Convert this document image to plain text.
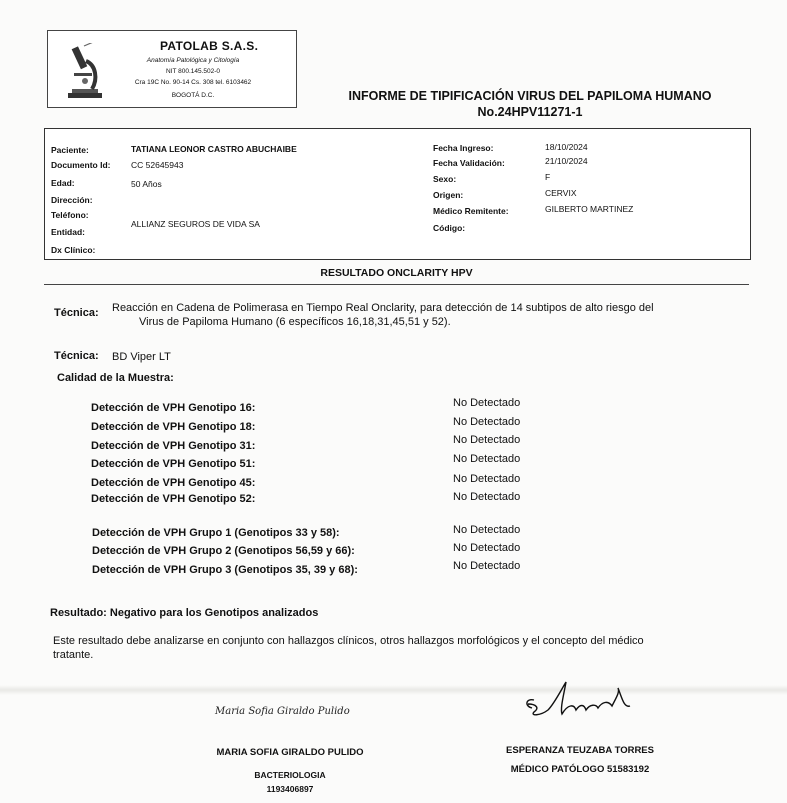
PATOLAB S.A.S.
Anatomía Patológica y Citología
NIT 800.145.502-0
Cra 19C No. 90-14 Cs. 308 tel. 6103462
BOGOTÁ D.C.	INFORME DE TIPIFICACIÓN VIRUS DEL PAPILOMA HUMANO
No.24HPV11271-1
Paciente:	TATIANA LEONOR CASTRO ABUCHAIBE
Documento Id: CC 52645943
Edad:	50 Años
Dirección:
Teléfono:
Entidad:
ALLIANZ SEGUROS DE VIDA SA
Dx Clínico:
Fecha Ingreso:	18/10/2024
Fecha Validación:	21/10/2024
Sexo:	F
Origen:	CERVIX
Médico Remitente:	GILBERTO MARTINEZ
Código:
RESULTADO ONCLARITY HPV
Técnica: Reacción en Cadena de Polimerasa en Tiempo Real Onclarity, para detección de 14 subtipos de alto riesgo del
Virus de Papiloma Humano (6 específicos 16,18,31,45,51 y 52).
Técnica: BD Viper LT
Calidad de la Muestra:
Detección de VPH Genotipo 16:	No Detectado
Detección de VPH Genotipo 18:	No Detectado
Detección de VPH Genotipo 31:	No Detectado
Detección de VPH Genotipo 51:	No Detectado
Detección de VPH Genotipo 45:	No Detectado
Detección de VPH Genotipo 52:	No Detectado
Detección de VPH Grupo 1 (Genotipos 33 y 58):	No Detectado
Detección de VPH Grupo 2 (Genotipos 56,59 y 66):	No Detectado
Detección de VPH Grupo 3 (Genotipos 35, 39 y 68):	No Detectado
Resultado: Negativo para los Genotipos analizados
Este resultado debe analizarse en conjunto con hallazgos clínicos, otros hallazgos morfológicos y el concepto del médico
tratante.
Maria Sofia Giraldo Pulido
MARIA SOFIA GIRALDO PULIDO
BACTERIOLOGIA
1193406897
ESPERANZA TEUZABA TORRES
MÉDICO PATÓLOGO 51583192
